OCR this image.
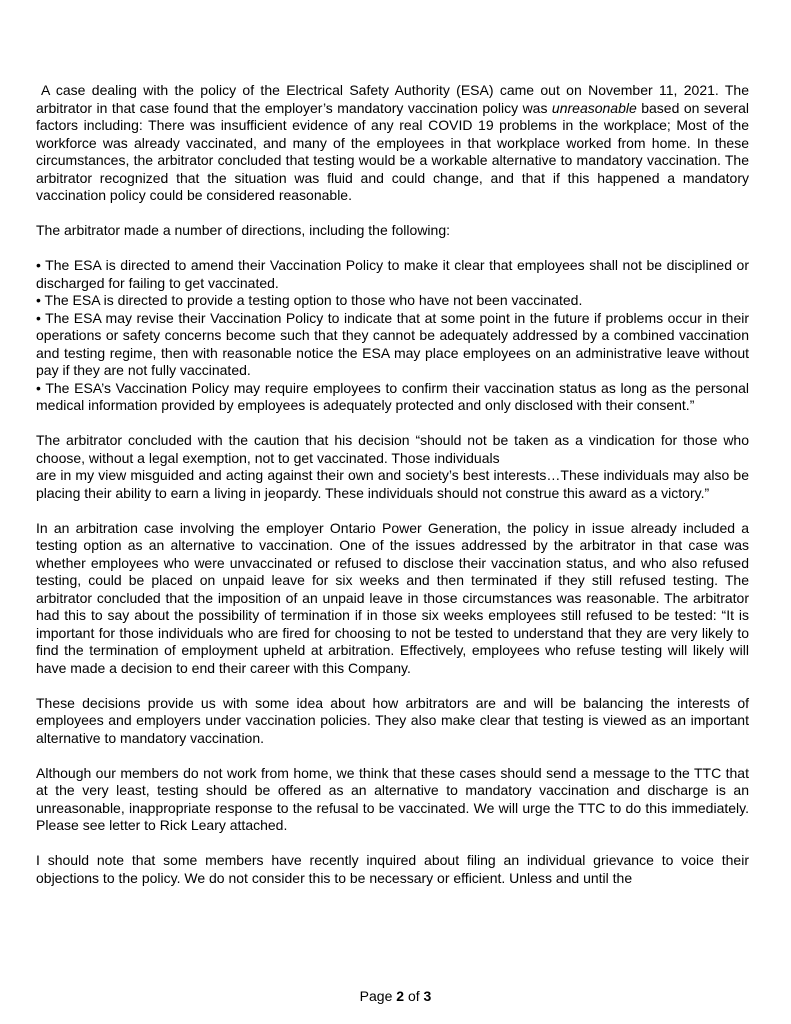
A case dealing with the policy of the Electrical Safety Authority (ESA) came out on November 11, 2021. The arbitrator in that case found that the employer’s mandatory vaccination policy was unreasonable based on several factors including: There was insufficient evidence of any real COVID 19 problems in the workplace; Most of the workforce was already vaccinated, and many of the employees in that workplace worked from home. In these circumstances, the arbitrator concluded that testing would be a workable alternative to mandatory vaccination. The arbitrator recognized that the situation was fluid and could change, and that if this happened a mandatory vaccination policy could be considered reasonable.

The arbitrator made a number of directions, including the following:

• The ESA is directed to amend their Vaccination Policy to make it clear that employees shall not be disciplined or discharged for failing to get vaccinated.
• The ESA is directed to provide a testing option to those who have not been vaccinated.
• The ESA may revise their Vaccination Policy to indicate that at some point in the future if problems occur in their operations or safety concerns become such that they cannot be adequately addressed by a combined vaccination and testing regime, then with reasonable notice the ESA may place employees on an administrative leave without pay if they are not fully vaccinated.
• The ESA’s Vaccination Policy may require employees to confirm their vaccination status as long as the personal medical information provided by employees is adequately protected and only disclosed with their consent.”

The arbitrator concluded with the caution that his decision “should not be taken as a vindication for those who choose, without a legal exemption, not to get vaccinated. Those individuals
are in my view misguided and acting against their own and society’s best interests…These individuals may also be placing their ability to earn a living in jeopardy. These individuals should not construe this award as a victory.”

In an arbitration case involving the employer Ontario Power Generation, the policy in issue already included a testing option as an alternative to vaccination. One of the issues addressed by the arbitrator in that case was whether employees who were unvaccinated or refused to disclose their vaccination status, and who also refused testing, could be placed on unpaid leave for six weeks and then terminated if they still refused testing. The arbitrator concluded that the imposition of an unpaid leave in those circumstances was reasonable. The arbitrator had this to say about the possibility of termination if in those six weeks employees still refused to be tested: “It is important for those individuals who are fired for choosing to not be tested to understand that they are very likely to find the termination of employment upheld at arbitration. Effectively, employees who refuse testing will likely will have made a decision to end their career with this Company.

These decisions provide us with some idea about how arbitrators are and will be balancing the interests of employees and employers under vaccination policies. They also make clear that testing is viewed as an important alternative to mandatory vaccination.

Although our members do not work from home, we think that these cases should send a message to the TTC that at the very least, testing should be offered as an alternative to mandatory vaccination and discharge is an unreasonable, inappropriate response to the refusal to be vaccinated. We will urge the TTC to do this immediately. Please see letter to Rick Leary attached.

I should note that some members have recently inquired about filing an individual grievance to voice their objections to the policy. We do not consider this to be necessary or efficient. Unless and until the

Page 2 of 3
